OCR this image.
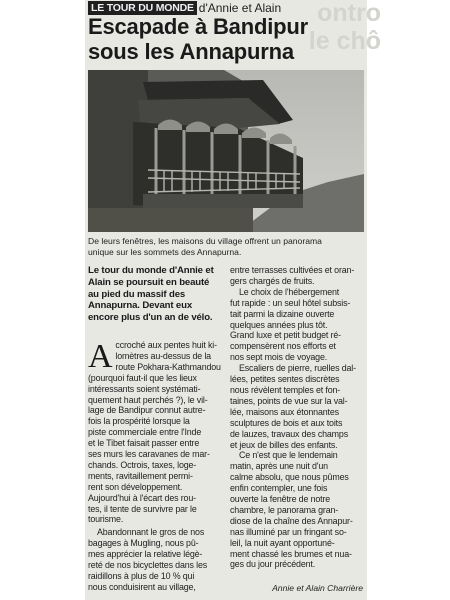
ontro
le chô
LE TOUR DU MONDE d'Annie et Alain
Escapade à Bandipur
sous les Annapurna

De leurs fenêtres, les maisons du village offrent un panorama
unique sur les sommets des Annapurna.

Le tour du monde d'Annie et
Alain se poursuit en beauté
au pied du massif des
Annapurna. Devant eux
encore plus d'un an de vélo.

Accroché aux pentes huit ki-
lomètres au-dessus de la
route Pokhara-Kathmandou
(pourquoi faut-il que les lieux
intéressants soient systémati-
quement haut perchés ?), le vil-
lage de Bandipur connut autre-
fois la prospérité lorsque la
piste commerciale entre l'Inde
et le Tibet faisait passer entre
ses murs les caravanes de mar-
chands. Octrois, taxes, loge-
ments, ravitaillement permi-
rent son développement.
Aujourd'hui à l'écart des rou-
tes, il tente de survivre par le
tourisme.

Abandonnant le gros de nos
bagages à Mugling, nous pû-
mes apprécier la relative légè-
reté de nos bicyclettes dans les
raidillons à plus de 10 % qui
nous conduisirent au village,

entre terrasses cultivées et oran-
gers chargés de fruits.

Le choix de l'hébergement
fut rapide : un seul hôtel subsis-
tait parmi la dizaine ouverte
quelques années plus tôt.
Grand luxe et petit budget ré-
compensèrent nos efforts et
nos sept mois de voyage.

Escaliers de pierre, ruelles dal-
lées, petites sentes discrètes
nous révèlent temples et fon-
taines, points de vue sur la val-
lée, maisons aux étonnantes
sculptures de bois et aux toits
de lauzes, travaux des champs
et jeux de billes des enfants.

Ce n'est que le lendemain
matin, après une nuit d'un
calme absolu, que nous pûmes
enfin contempler, une fois
ouverte la fenêtre de notre
chambre, le panorama gran-
diose de la chaîne des Annapur-
nas illuminé par un fringant so-
leil, la nuit ayant opportuné-
ment chassé les brumes et nua-
ges du jour précédent.

Annie et Alain Charrière
